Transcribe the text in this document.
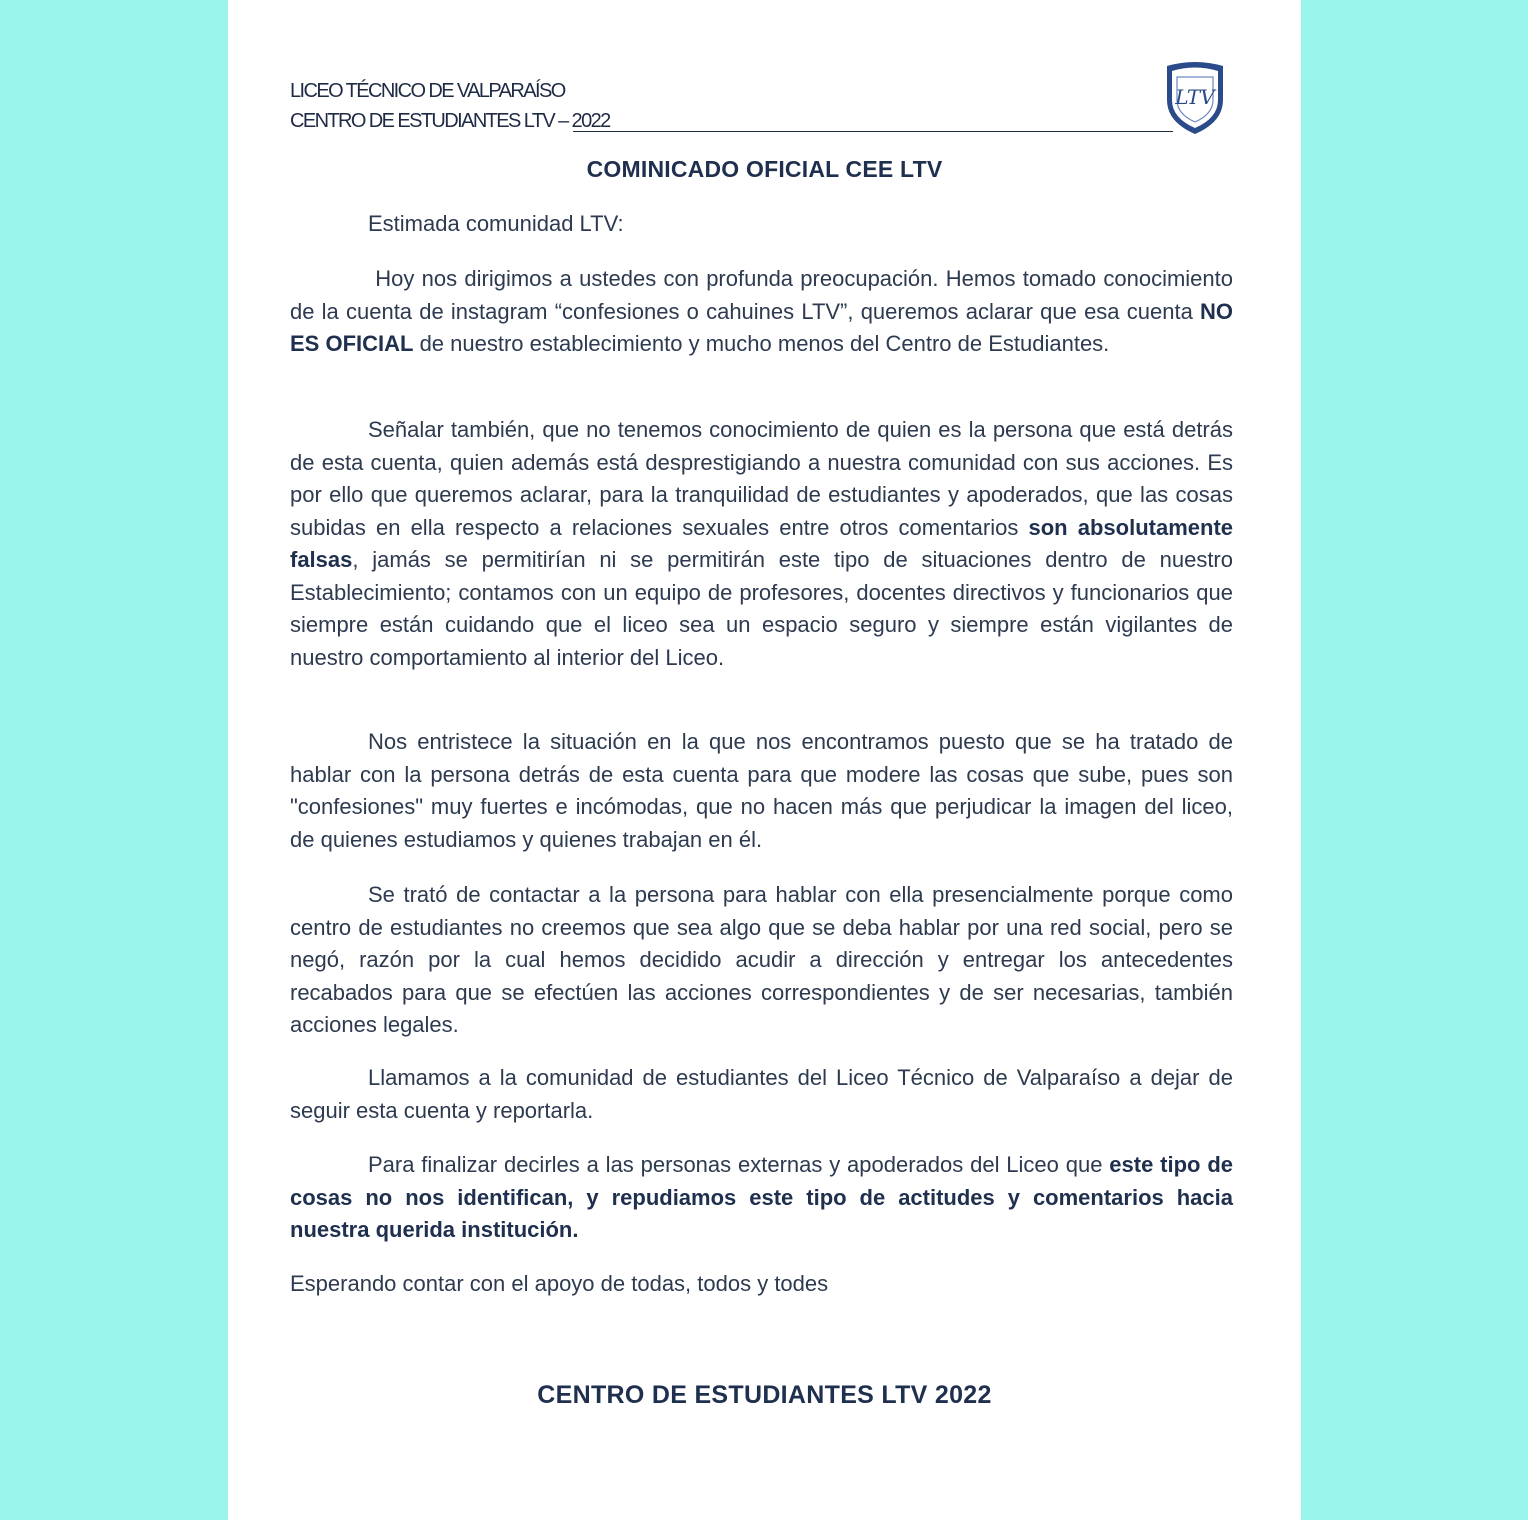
LICEO TÉCNICO DE VALPARAÍSO
CENTRO DE ESTUDIANTES LTV – 2022
LTV
COMINICADO OFICIAL CEE LTV
Estimada comunidad LTV:
Hoy nos dirigimos a ustedes con profunda preocupación. Hemos tomado conocimiento de la cuenta de instagram “confesiones o cahuines LTV”, queremos aclarar que esa cuenta NO ES OFICIAL de nuestro establecimiento y mucho menos del Centro de Estudiantes.
Señalar también, que no tenemos conocimiento de quien es la persona que está detrás de esta cuenta, quien además está desprestigiando a nuestra comunidad con sus acciones. Es por ello que queremos aclarar, para la tranquilidad de estudiantes y apoderados, que las cosas subidas en ella respecto a relaciones sexuales entre otros comentarios son absolutamente falsas, jamás se permitirían ni se permitirán este tipo de situaciones dentro de nuestro Establecimiento; contamos con un equipo de profesores, docentes directivos y funcionarios que siempre están cuidando que el liceo sea un espacio seguro y siempre están vigilantes de nuestro comportamiento al interior del Liceo.
Nos entristece la situación en la que nos encontramos puesto que se ha tratado de hablar con la persona detrás de esta cuenta para que modere las cosas que sube, pues son "confesiones" muy fuertes e incómodas, que no hacen más que perjudicar la imagen del liceo, de quienes estudiamos y quienes trabajan en él.
Se trató de contactar a la persona para hablar con ella presencialmente porque como centro de estudiantes no creemos que sea algo que se deba hablar por una red social, pero se negó, razón por la cual hemos decidido acudir a dirección y entregar los antecedentes recabados para que se efectúen las acciones correspondientes y de ser necesarias, también acciones legales.
Llamamos a la comunidad de estudiantes del Liceo Técnico de Valparaíso a dejar de seguir esta cuenta y reportarla.
Para finalizar decirles a las personas externas y apoderados del Liceo que este tipo de cosas no nos identifican, y repudiamos este tipo de actitudes y comentarios hacia nuestra querida institución.
Esperando contar con el apoyo de todas, todos y todes
CENTRO DE ESTUDIANTES LTV 2022
